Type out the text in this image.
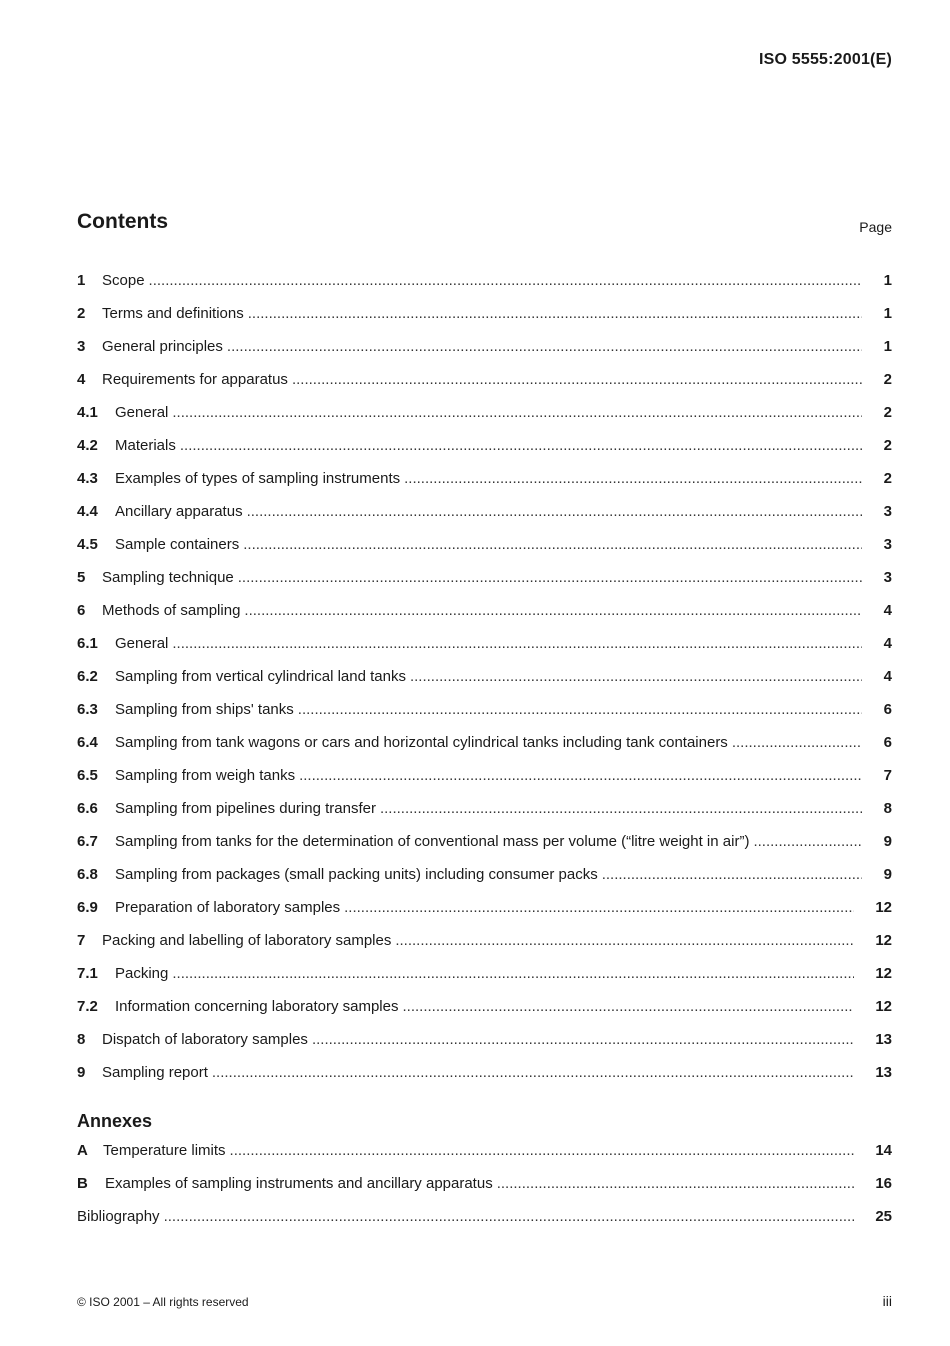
ISO 5555:2001(E)
Contents	Page
1	Scope .....	1
2	Terms and definitions .....	1
3	General principles .....	1
4	Requirements for apparatus .....	2
4.1	General .....	2
4.2	Materials .....	2
4.3	Examples of types of sampling instruments .....	2
4.4	Ancillary apparatus .....	3
4.5	Sample containers .....	3
5	Sampling technique .....	3
6	Methods of sampling .....	4
6.1	General .....	4
6.2	Sampling from vertical cylindrical land tanks .....	4
6.3	Sampling from ships' tanks .....	6
6.4	Sampling from tank wagons or cars and horizontal cylindrical tanks including tank containers .....	6
6.5	Sampling from weigh tanks .....	7
6.6	Sampling from pipelines during transfer .....	8
6.7	Sampling from tanks for the determination of conventional mass per volume (“litre weight in air”) .....	9
6.8	Sampling from packages (small packing units) including consumer packs .....	9
6.9	Preparation of laboratory samples .....	12
7	Packing and labelling of laboratory samples .....	12
7.1	Packing .....	12
7.2	Information concerning laboratory samples .....	12
8	Dispatch of laboratory samples .....	13
9	Sampling report .....	13
Annexes
A	Temperature limits .....	14
B	Examples of sampling instruments and ancillary apparatus .....	16
Bibliography .....	25
© ISO 2001 – All rights reserved	iii
